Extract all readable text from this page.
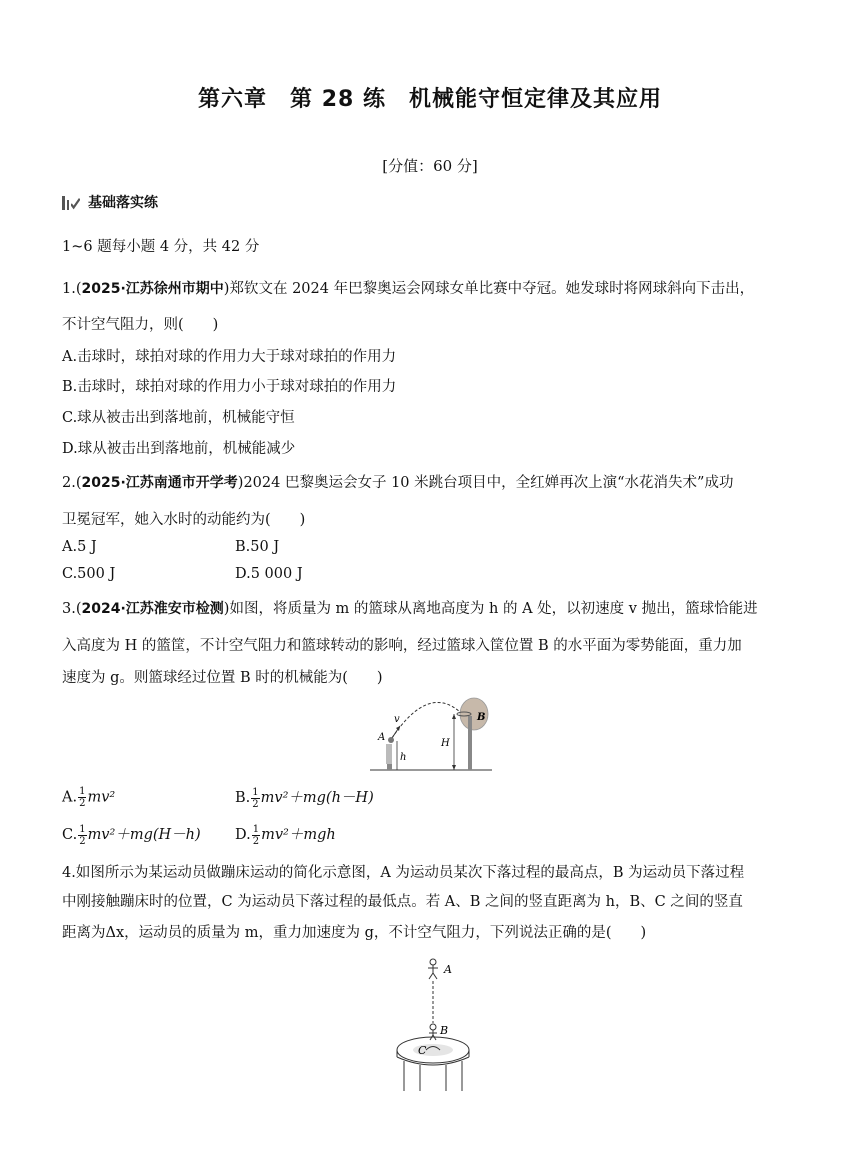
第六章　第 28 练　机械能守恒定律及其应用
[分值：60 分]
基础落实练
1~6 题每小题 4 分，共 42 分
1.(2025·江苏徐州市期中)郑钦文在 2024 年巴黎奥运会网球女单比赛中夺冠。她发球时将网球斜向下击出，
不计空气阻力，则(　　)
A.击球时，球拍对球的作用力大于球对球拍的作用力
B.击球时，球拍对球的作用力小于球对球拍的作用力
C.球从被击出到落地前，机械能守恒
D.球从被击出到落地前，机械能减少
2.(2025·江苏南通市开学考)2024 巴黎奥运会女子 10 米跳台项目中，全红婵再次上演“水花消失术”成功
卫冕冠军，她入水时的动能约为(　　)
A.5 J	B.50 J
C.500 J	D.5 000 J
3.(2024·江苏淮安市检测)如图，将质量为 m 的篮球从离地高度为 h 的 A 处，以初速度 v 抛出，篮球恰能进
入高度为 H 的篮筐，不计空气阻力和篮球转动的影响，经过篮球入筐位置 B 的水平面为零势能面，重力加
速度为 g。则篮球经过位置 B 时的机械能为(　　)
v
A
B
H
h
A. $\frac{1}{2} mv^2$	B. $\frac{1}{2} mv^2+mg(h-H)$
C. $\frac{1}{2} mv^2+mg(H-h)$ D. $\frac{1}{2} mv^2+mgh$
4.如图所示为某运动员做蹦床运动的简化示意图，A 为运动员某次下落过程的最高点，B 为运动员下落过程
中刚接触蹦床时的位置，C 为运动员下落过程的最低点。若 A、B 之间的竖直距离为 h，B、C 之间的竖直
距离为Δx，运动员的质量为 m，重力加速度为 g，不计空气阻力，下列说法正确的是(　　)
A
B
C
